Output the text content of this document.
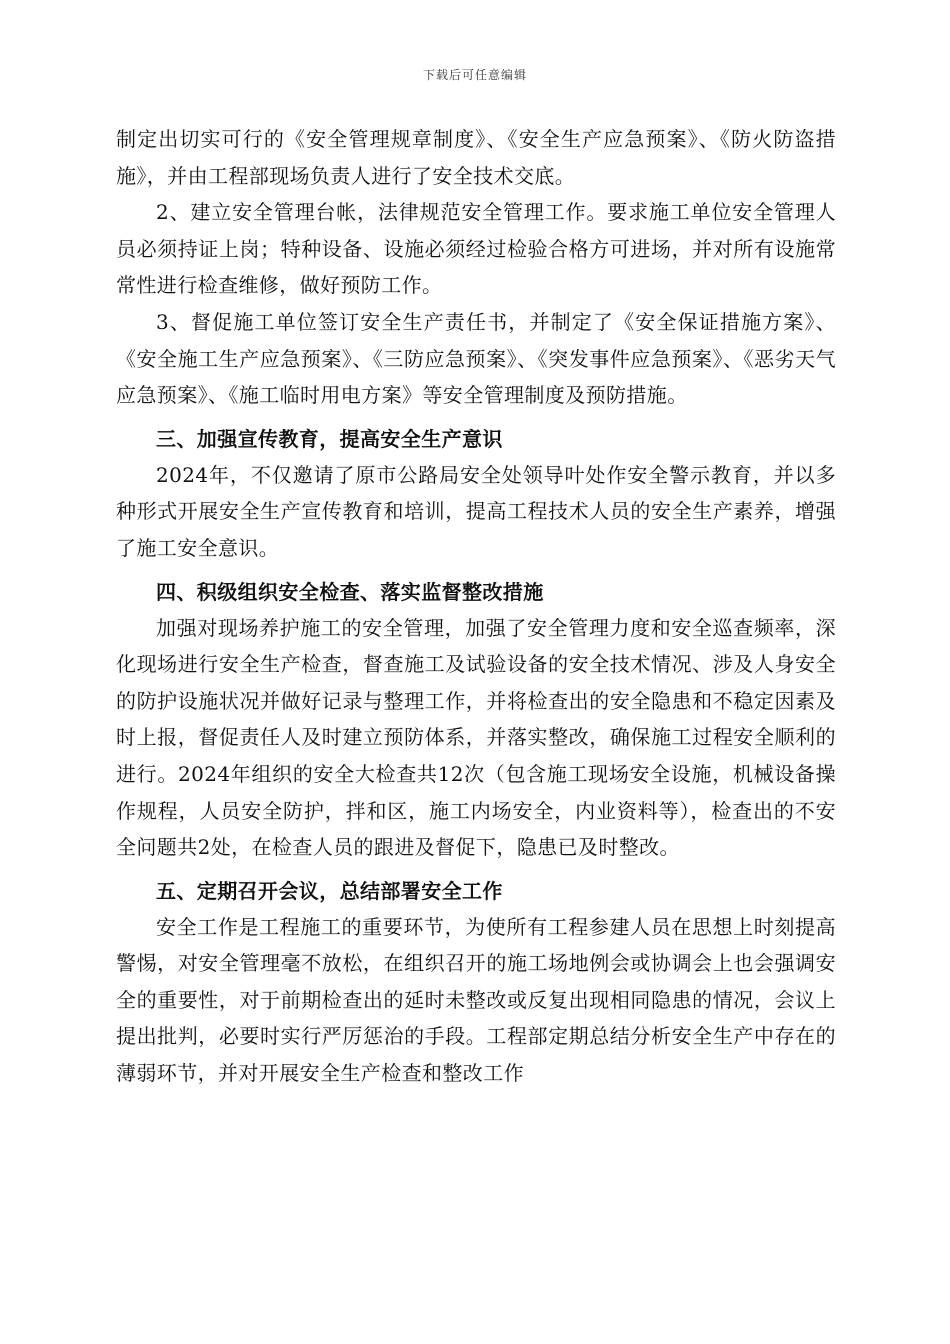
下载后可任意编辑

制定出切实可行的《安全管理规章制度》、《安全生产应急预案》、《防火防盗措施》，并由工程部现场负责人进行了安全技术交底。

2、建立安全管理台帐，法律规范安全管理工作。要求施工单位安全管理人员必须持证上岗；特种设备、设施必须经过检验合格方可进场，并对所有设施常常性进行检查维修，做好预防工作。

3、督促施工单位签订安全生产责任书，并制定了《安全保证措施方案》、《安全施工生产应急预案》、《三防应急预案》、《突发事件应急预案》、《恶劣天气应急预案》、《施工临时用电方案》等安全管理制度及预防措施。

三、加强宣传教育，提高安全生产意识

2024年，不仅邀请了原市公路局安全处领导叶处作安全警示教育，并以多种形式开展安全生产宣传教育和培训，提高工程技术人员的安全生产素养，增强了施工安全意识。

四、积级组织安全检查、落实监督整改措施

加强对现场养护施工的安全管理，加强了安全管理力度和安全巡查频率，深化现场进行安全生产检查，督查施工及试验设备的安全技术情况、涉及人身安全的防护设施状况并做好记录与整理工作，并将检查出的安全隐患和不稳定因素及时上报，督促责任人及时建立预防体系，并落实整改，确保施工过程安全顺利的进行。2024年组织的安全大检查共12次（包含施工现场安全设施，机械设备操作规程，人员安全防护，拌和区，施工内场安全，内业资料等），检查出的不安全问题共2处，在检查人员的跟进及督促下，隐患已及时整改。

五、定期召开会议，总结部署安全工作

安全工作是工程施工的重要环节，为使所有工程参建人员在思想上时刻提高警惕，对安全管理毫不放松，在组织召开的施工场地例会或协调会上也会强调安全的重要性，对于前期检查出的延时未整改或反复出现相同隐患的情况，会议上提出批判，必要时实行严厉惩治的手段。工程部定期总结分析安全生产中存在的薄弱环节，并对开展安全生产检查和整改工作
